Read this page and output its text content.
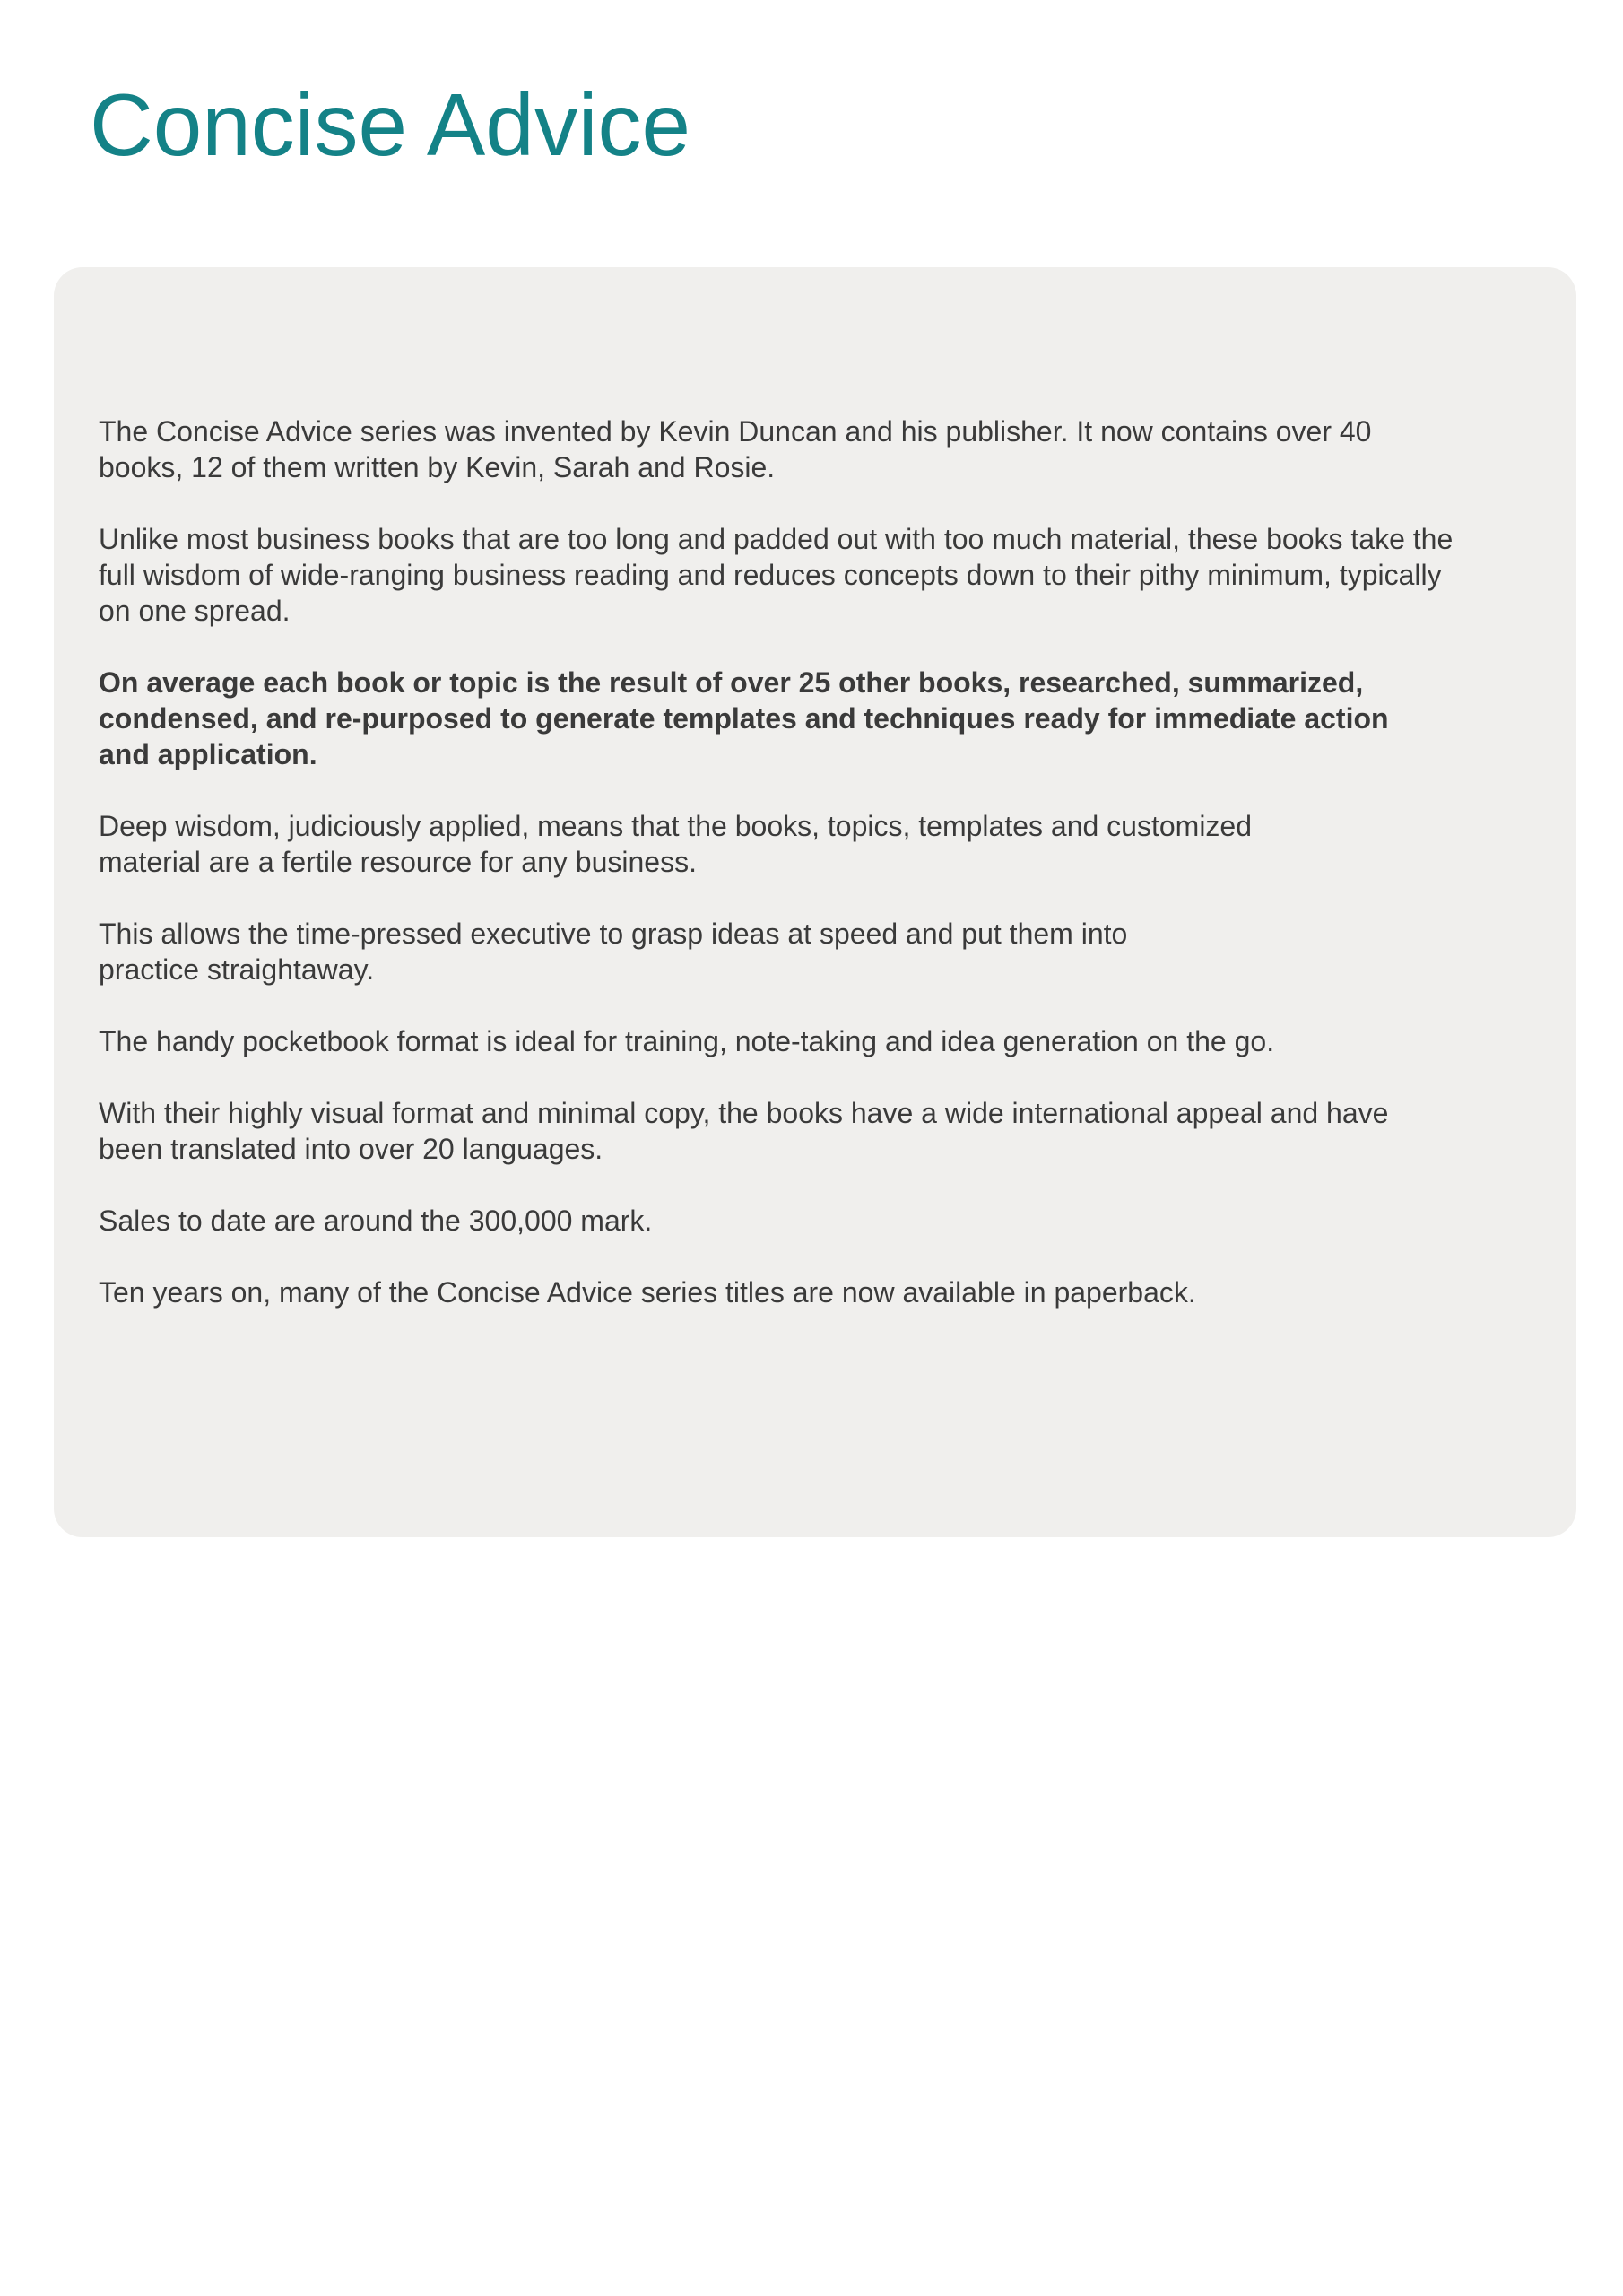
Concise Advice

The Concise Advice series was invented by Kevin Duncan and his publisher. It now contains over 40 books, 12 of them written by Kevin, Sarah and Rosie.

Unlike most business books that are too long and padded out with too much material, these books take the full wisdom of wide-ranging business reading and reduces concepts down to their pithy minimum, typically on one spread.

On average each book or topic is the result of over 25 other books, researched, summarized, condensed, and re-purposed to generate templates and techniques ready for immediate action and application.

Deep wisdom, judiciously applied, means that the books, topics, templates and customized material are a fertile resource for any business.

This allows the time-pressed executive to grasp ideas at speed and put them into practice straightaway.

The handy pocketbook format is ideal for training, note-taking and idea generation on the go.

With their highly visual format and minimal copy, the books have a wide international appeal and have been translated into over 20 languages.

Sales to date are around the 300,000 mark.

Ten years on, many of the Concise Advice series titles are now available in paperback.
